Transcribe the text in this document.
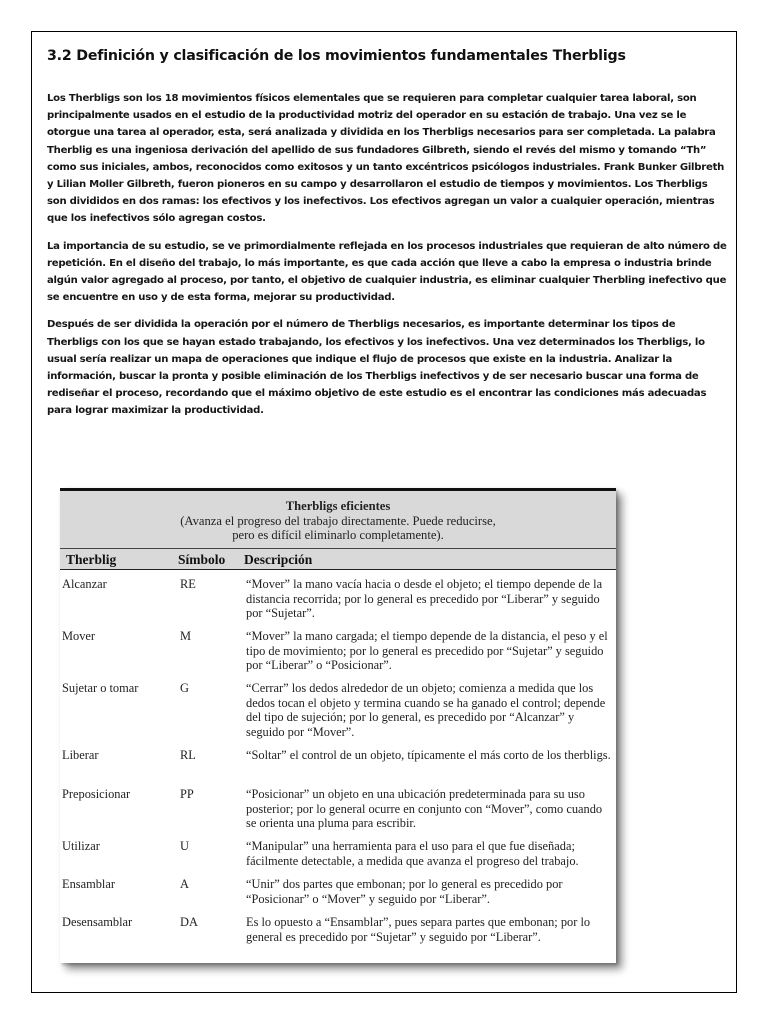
3.2 Definición y clasificación de los movimientos fundamentales Therbligs

Los Therbligs son los 18 movimientos físicos elementales que se requieren para completar cualquier tarea laboral, son principalmente usados en el estudio de la productividad motriz del operador en su estación de trabajo. Una vez se le otorgue una tarea al operador, esta, será analizada y dividida en los Therbligs necesarios para ser completada. La palabra Therblig es una ingeniosa derivación del apellido de sus fundadores Gilbreth, siendo el revés del mismo y tomando “Th” como sus iniciales, ambos, reconocidos como exitosos y un tanto excéntricos psicólogos industriales. Frank Bunker Gilbreth y Lilian Moller Gilbreth, fueron pioneros en su campo y desarrollaron el estudio de tiempos y movimientos. Los Therbligs son divididos en dos ramas: los efectivos y los inefectivos. Los efectivos agregan un valor a cualquier operación, mientras que los inefectivos sólo agregan costos.

La importancia de su estudio, se ve primordialmente reflejada en los procesos industriales que requieran de alto número de repetición. En el diseño del trabajo, lo más importante, es que cada acción que lleve a cabo la empresa o industria brinde algún valor agregado al proceso, por tanto, el objetivo de cualquier industria, es eliminar cualquier Therbling inefectivo que se encuentre en uso y de esta forma, mejorar su productividad.

Después de ser dividida la operación por el número de Therbligs necesarios, es importante determinar los tipos de Therbligs con los que se hayan estado trabajando, los efectivos y los inefectivos. Una vez determinados los Therbligs, lo usual sería realizar un mapa de operaciones que indique el flujo de procesos que existe en la industria. Analizar la información, buscar la pronta y posible eliminación de los Therbligs inefectivos y de ser necesario buscar una forma de rediseñar el proceso, recordando que el máximo objetivo de este estudio es el encontrar las condiciones más adecuadas para lograr maximizar la productividad.

Therbligs eficientes
(Avanza el progreso del trabajo directamente. Puede reducirse,
pero es difícil eliminarlo completamente).
Therblig	Símbolo Descripción
Alcanzar	RE	“Mover” la mano vacía hacia o desde el objeto; el tiempo depende de la distancia recorrida; por lo general es precedido por “Liberar” y seguido por “Sujetar”.
Mover	M	“Mover” la mano cargada; el tiempo depende de la distancia, el peso y el tipo de movimiento; por lo general es precedido por “Sujetar” y seguido por “Liberar” o “Posicionar”.
Sujetar o tomar	G	“Cerrar” los dedos alrededor de un objeto; comienza a medida que los dedos tocan el objeto y termina cuando se ha ganado el control; depende del tipo de sujeción; por lo general, es precedido por “Alcanzar” y seguido por “Mover”.
Liberar	RL	“Soltar” el control de un objeto, típicamente el más corto de los therbligs.
Preposicionar	PP	“Posicionar” un objeto en una ubicación predeterminada para su uso posterior; por lo general ocurre en conjunto con “Mover”, como cuando se orienta una pluma para escribir.
Utilizar	U	“Manipular” una herramienta para el uso para el que fue diseñada; fácilmente detectable, a medida que avanza el progreso del trabajo.
Ensamblar	A	“Unir” dos partes que embonan; por lo general es precedido por “Posicionar” o “Mover” y seguido por “Liberar”.
Desensamblar	DA	Es lo opuesto a “Ensamblar”, pues separa partes que embonan; por lo general es precedido por “Sujetar” y seguido por “Liberar”.
